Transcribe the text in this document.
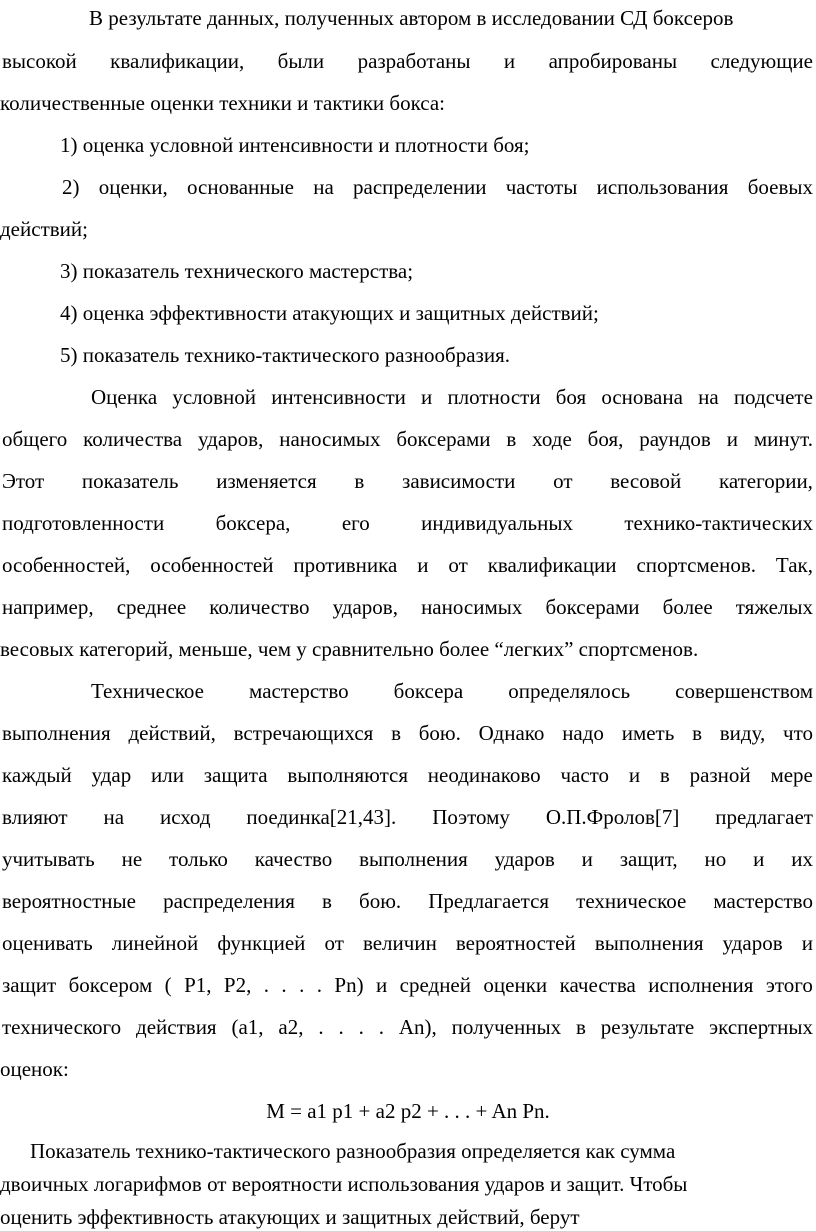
В результате данных, полученных автором в исследовании СД боксеров
высокой квалификации, были разработаны и апробированы следующие
количественные оценки техники и тактики бокса:
1) оценка условной интенсивности и плотности боя;
2) оценки, основанные на распределении частоты использования боевых
действий;
3) показатель технического мастерства;
4) оценка эффективности атакующих и защитных действий;
5) показатель технико-тактического разнообразия.
Оценка условной интенсивности и плотности боя основана на подсчете
общего количества ударов, наносимых боксерами в ходе боя, раундов и минут.
Этот показатель изменяется в зависимости от весовой категории,
подготовленности боксера, его индивидуальных технико-тактических
особенностей, особенностей противника и от квалификации спортсменов. Так,
например, среднее количество ударов, наносимых боксерами более тяжелых
весовых категорий, меньше, чем у сравнительно более “легких” спортсменов.
Техническое мастерство боксера определялось совершенством
выполнения действий, встречающихся в бою. Однако надо иметь в виду, что
каждый удар или защита выполняются неодинаково часто и в разной мере
влияют на исход поединка[21,43]. Поэтому О.П.Фролов[7] предлагает
учитывать не только качество выполнения ударов и защит, но и их
вероятностные распределения в бою. Предлагается техническое мастерство
оценивать линейной функцией от величин вероятностей выполнения ударов и
защит боксером ( P1, P2, . . . . Pn) и средней оценки качества исполнения этого
технического действия (a1, a2, . . . . An), полученных в результате экспертных
оценок:
M = a1 p1 + a2 p2 + . . . + An Pn.
Показатель технико-тактического разнообразия определяется как сумма
двоичных логарифмов от вероятности использования ударов и защит. Чтобы
оценить эффективность атакующих и защитных действий, берут
